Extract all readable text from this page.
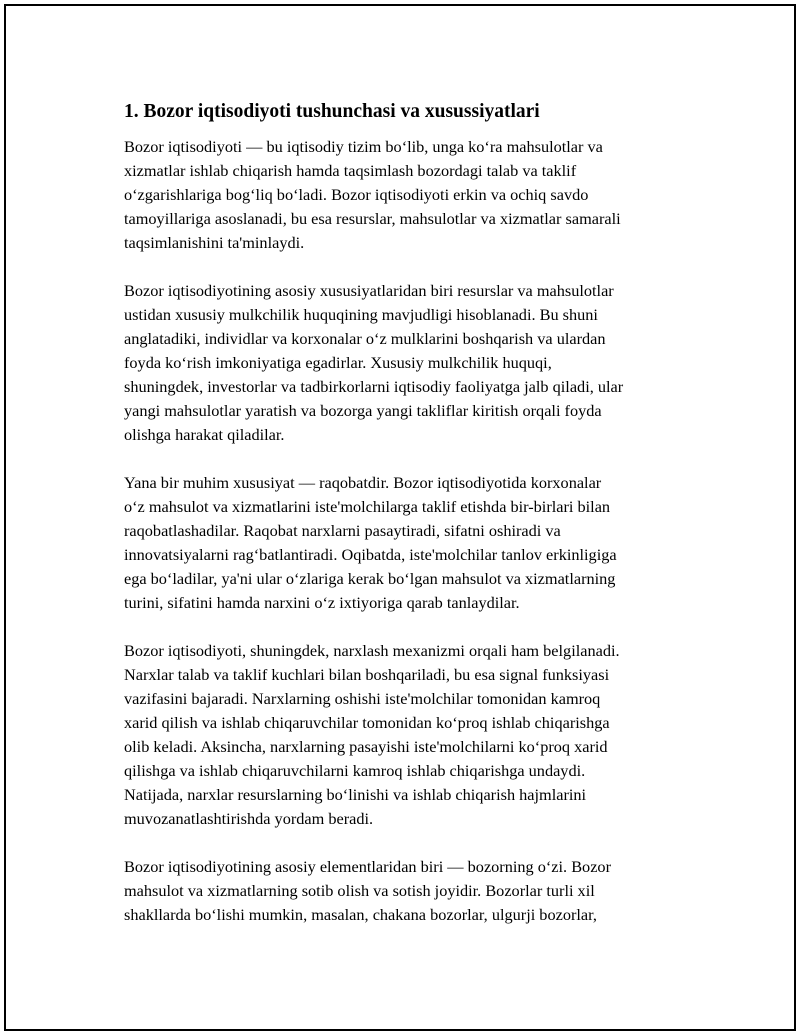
1. Bozor iqtisodiyoti tushunchasi va xusussiyatlari

Bozor iqtisodiyoti — bu iqtisodiy tizim bo‘lib, unga ko‘ra mahsulotlar va
xizmatlar ishlab chiqarish hamda taqsimlash bozordagi talab va taklif
o‘zgarishlariga bog‘liq bo‘ladi. Bozor iqtisodiyoti erkin va ochiq savdo
tamoyillariga asoslanadi, bu esa resurslar, mahsulotlar va xizmatlar samarali
taqsimlanishini ta'minlaydi.

Bozor iqtisodiyotining asosiy xususiyatlaridan biri resurslar va mahsulotlar
ustidan xususiy mulkchilik huquqining mavjudligi hisoblanadi. Bu shuni
anglatadiki, individlar va korxonalar o‘z mulklarini boshqarish va ulardan
foyda ko‘rish imkoniyatiga egadirlar. Xususiy mulkchilik huquqi,
shuningdek, investorlar va tadbirkorlarni iqtisodiy faoliyatga jalb qiladi, ular
yangi mahsulotlar yaratish va bozorga yangi takliflar kiritish orqali foyda
olishga harakat qiladilar.

Yana bir muhim xususiyat — raqobatdir. Bozor iqtisodiyotida korxonalar
o‘z mahsulot va xizmatlarini iste'molchilarga taklif etishda bir-birlari bilan
raqobatlashadilar. Raqobat narxlarni pasaytiradi, sifatni oshiradi va
innovatsiyalarni rag‘batlantiradi. Oqibatda, iste'molchilar tanlov erkinligiga
ega bo‘ladilar, ya'ni ular o‘zlariga kerak bo‘lgan mahsulot va xizmatlarning
turini, sifatini hamda narxini o‘z ixtiyoriga qarab tanlaydilar.

Bozor iqtisodiyoti, shuningdek, narxlash mexanizmi orqali ham belgilanadi.
Narxlar talab va taklif kuchlari bilan boshqariladi, bu esa signal funksiyasi
vazifasini bajaradi. Narxlarning oshishi iste'molchilar tomonidan kamroq
xarid qilish va ishlab chiqaruvchilar tomonidan ko‘proq ishlab chiqarishga
olib keladi. Aksincha, narxlarning pasayishi iste'molchilarni ko‘proq xarid
qilishga va ishlab chiqaruvchilarni kamroq ishlab chiqarishga undaydi.
Natijada, narxlar resurslarning bo‘linishi va ishlab chiqarish hajmlarini
muvozanatlashtirishda yordam beradi.

Bozor iqtisodiyotining asosiy elementlaridan biri — bozorning o‘zi. Bozor
mahsulot va xizmatlarning sotib olish va sotish joyidir. Bozorlar turli xil
shakllarda bo‘lishi mumkin, masalan, chakana bozorlar, ulgurji bozorlar,
